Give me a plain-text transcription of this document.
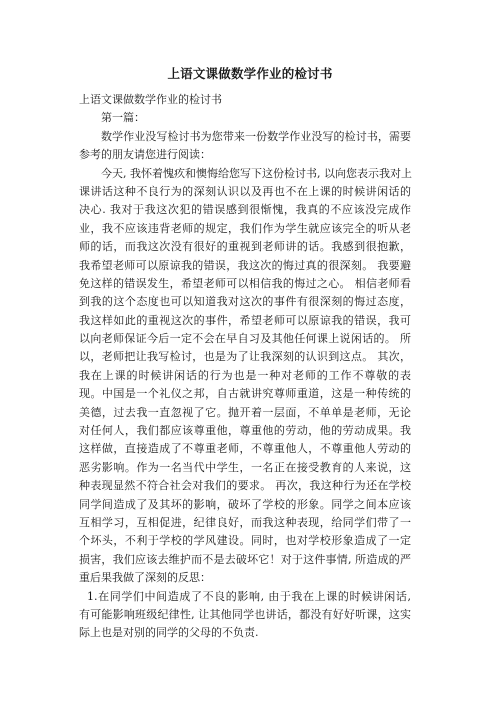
上语文课做数学作业的检讨书
上语文课做数学作业的检讨书
第一篇：
数学作业没写检讨书为您带来一份数学作业没写的检讨书，需要
参考的朋友请您进行阅读：
今天, 我怀着愧疚和懊悔给您写下这份检讨书, 以向您表示我对上
课讲话这种不良行为的深刻认识以及再也不在上课的时候讲闲话的
决心. 我对于我这次犯的错误感到很惭愧，我真的不应该没完成作
业，我不应该违背老师的规定，我们作为学生就应该完全的听从老
师的话，而我这次没有很好的重视到老师讲的话。我感到很抱歉，
我希望老师可以原谅我的错误，我这次的悔过真的很深刻。 我要避
免这样的错误发生，希望老师可以相信我的悔过之心。 相信老师看
到我的这个态度也可以知道我对这次的事件有很深刻的悔过态度，
我这样如此的重视这次的事件，希望老师可以原谅我的错误，我可
以向老师保证今后一定不会在早自习及其他任何课上说闲话的。 所
以，老师把让我写检讨，也是为了让我深刻的认识到这点。 其次，
我在上课的时候讲闲话的行为也是一种对老师的工作不尊敬的表
现。中国是一个礼仪之邦，自古就讲究尊师重道，这是一种传统的
美德，过去我一直忽视了它。抛开着一层面，不单单是老师，无论
对任何人，我们都应该尊重他，尊重他的劳动，他的劳动成果。我
这样做，直接造成了不尊重老师，不尊重他人，不尊重他人劳动的
恶劣影响。作为一名当代中学生，一名正在接受教育的人来说，这
种表现显然不符合社会对我们的要求。 再次，我这种行为还在学校
同学间造成了及其坏的影响，破坏了学校的形象。同学之间本应该
互相学习，互相促进，纪律良好，而我这种表现，给同学们带了一
个坏头，不利于学校的学风建设。同时，也对学校形象造成了一定
损害，我们应该去维护而不是去破坏它！对于这件事情, 所造成的严
重后果我做了深刻的反思：
1.在同学们中间造成了不良的影响, 由于我在上课的时候讲闲话,
有可能影响班级纪律性, 让其他同学也讲话，都没有好好听课，这实
际上也是对别的同学的父母的不负责.
